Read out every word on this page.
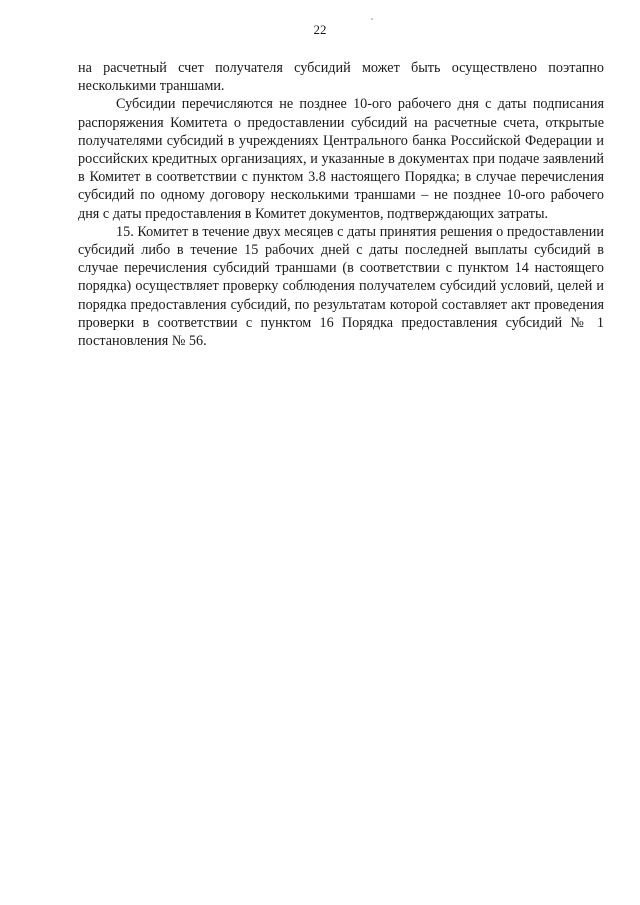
22

на расчетный счет получателя субсидий может быть осуществлено поэтапно несколькими траншами.

Субсидии перечисляются не позднее 10-ого рабочего дня с даты подписания распоряжения Комитета о предоставлении субсидий на расчетные счета, открытые получателями субсидий в учреждениях Центрального банка Российской Федерации и российских кредитных организациях, и указанные в документах при подаче заявлений в Комитет в соответствии с пунктом 3.8 настоящего Порядка; в случае перечисления субсидий по одному договору несколькими траншами – не позднее 10-ого рабочего дня с даты предоставления в Комитет документов, подтверждающих затраты.

15. Комитет в течение двух месяцев с даты принятия решения о предоставлении субсидий либо в течение 15 рабочих дней с даты последней выплаты субсидий в случае перечисления субсидий траншами (в соответствии с пунктом 14 настоящего порядка) осуществляет проверку соблюдения получателем субсидий условий, целей и порядка предоставления субсидий, по результатам которой составляет акт проведения проверки в соответствии с пунктом 16 Порядка предоставления субсидий № 1 постановления № 56.
